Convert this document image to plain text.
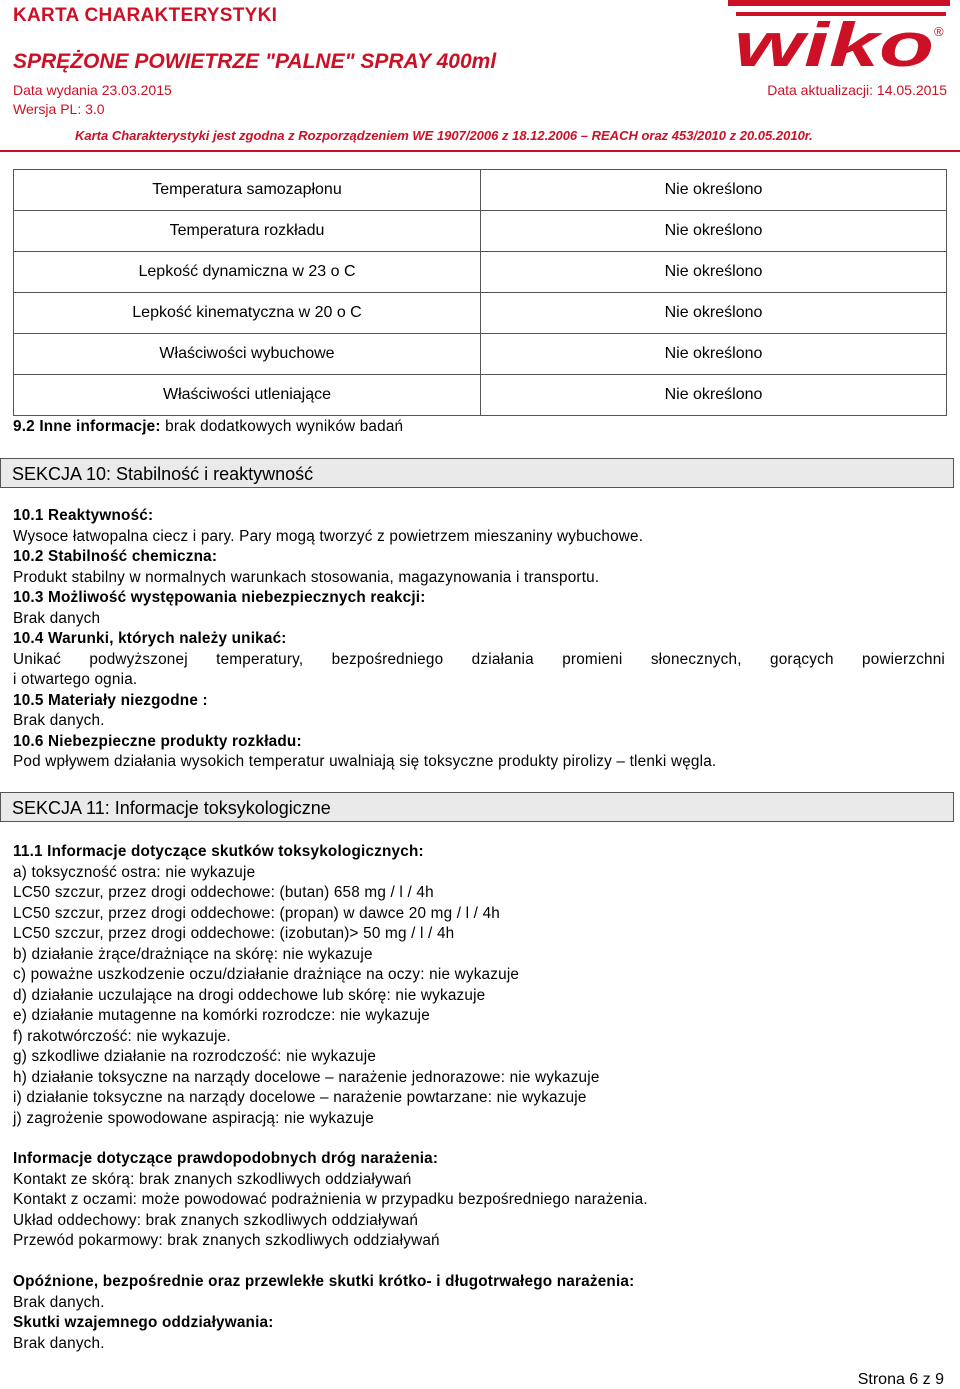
KARTA CHARAKTERYSTYKI
SPRĘŻONE POWIETRZE "PALNE" SPRAY 400ml
Data wydania 23.03.2015	Data aktualizacji: 14.05.2015
Wersja PL: 3.0
wiko ®
Karta Charakterystyki jest zgodna z Rozporządzeniem WE 1907/2006 z 18.12.2006 – REACH oraz 453/2010 z 20.05.2010r.
Temperatura samozapłonu	Nie określono
Temperatura rozkładu	Nie określono
Lepkość dynamiczna w 23 o C	Nie określono
Lepkość kinematyczna w 20 o C	Nie określono
Właściwości wybuchowe	Nie określono
Właściwości utleniające	Nie określono
9.2 Inne informacje: brak dodatkowych wyników badań
SEKCJA 10: Stabilność i reaktywność
10.1 Reaktywność:
Wysoce łatwopalna ciecz i pary. Pary mogą tworzyć z powietrzem mieszaniny wybuchowe.
10.2 Stabilność chemiczna:
Produkt stabilny w normalnych warunkach stosowania, magazynowania i transportu.
10.3 Możliwość występowania niebezpiecznych reakcji:
Brak danych
10.4 Warunki, których należy unikać:
Unikać podwyższonej temperatury, bezpośredniego działania promieni słonecznych, gorących powierzchni
i otwartego ognia.
10.5 Materiały niezgodne :
Brak danych.
10.6 Niebezpieczne produkty rozkładu:
Pod wpływem działania wysokich temperatur uwalniają się toksyczne produkty pirolizy – tlenki węgla.
SEKCJA 11: Informacje toksykologiczne
11.1 Informacje dotyczące skutków toksykologicznych:
a) toksyczność ostra: nie wykazuje
LC50 szczur, przez drogi oddechowe: (butan) 658 mg / l / 4h
LC50 szczur, przez drogi oddechowe: (propan) w dawce 20 mg / l / 4h
LC50 szczur, przez drogi oddechowe: (izobutan)> 50 mg / l / 4h
b) działanie żrące/drażniące na skórę: nie wykazuje
c) poważne uszkodzenie oczu/działanie drażniące na oczy: nie wykazuje
d) działanie uczulające na drogi oddechowe lub skórę: nie wykazuje
e) działanie mutagenne na komórki rozrodcze: nie wykazuje
f) rakotwórczość: nie wykazuje.
g) szkodliwe działanie na rozrodczość: nie wykazuje
h) działanie toksyczne na narządy docelowe – narażenie jednorazowe: nie wykazuje
i) działanie toksyczne na narządy docelowe – narażenie powtarzane: nie wykazuje
j) zagrożenie spowodowane aspiracją: nie wykazuje
Informacje dotyczące prawdopodobnych dróg narażenia:
Kontakt ze skórą: brak znanych szkodliwych oddziaływań
Kontakt z oczami: może powodować podrażnienia w przypadku bezpośredniego narażenia.
Układ oddechowy: brak znanych szkodliwych oddziaływań
Przewód pokarmowy: brak znanych szkodliwych oddziaływań
Opóźnione, bezpośrednie oraz przewlekłe skutki krótko- i długotrwałego narażenia:
Brak danych.
Skutki wzajemnego oddziaływania:
Brak danych.
Strona 6 z 9
